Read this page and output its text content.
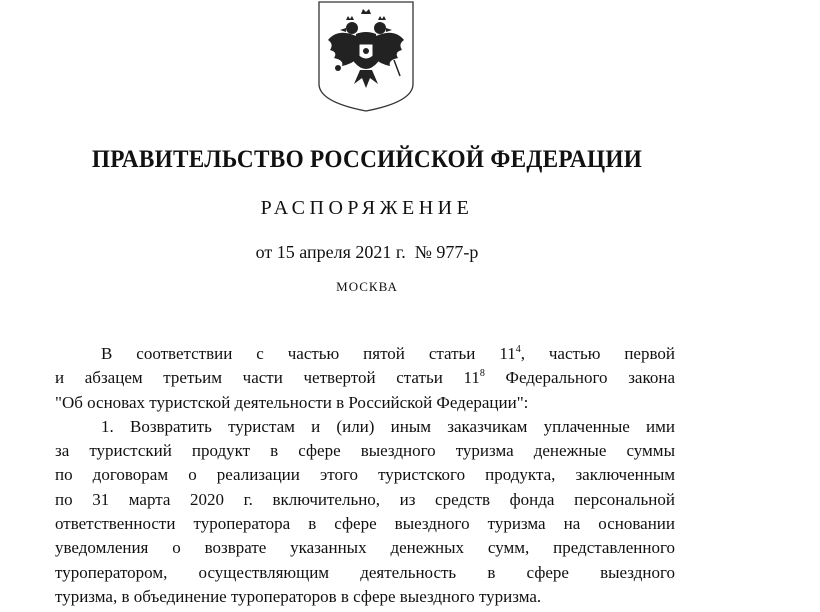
ПРАВИТЕЛЬСТВО РОССИЙСКОЙ ФЕДЕРАЦИИ
РАСПОРЯЖЕНИЕ
от 15 апреля 2021 г.  № 977-р
МОСКВА
В соответствии с частью пятой статьи $11^4$, частью первой
и абзацем третьим части четвертой статьи $11^8$ Федерального закона
"Об основах туристской деятельности в Российской Федерации":
1. Возвратить туристам и (или) иным заказчикам уплаченные ими
за туристский продукт в сфере выездного туризма денежные суммы
по договорам о реализации этого туристского продукта, заключенным
по 31 марта 2020 г. включительно, из средств фонда персональной
ответственности туроператора в сфере выездного туризма на основании
уведомления о возврате указанных денежных сумм, представленного
туроператором, осуществляющим деятельность в сфере выездного
туризма, в объединение туроператоров в сфере выездного туризма.
